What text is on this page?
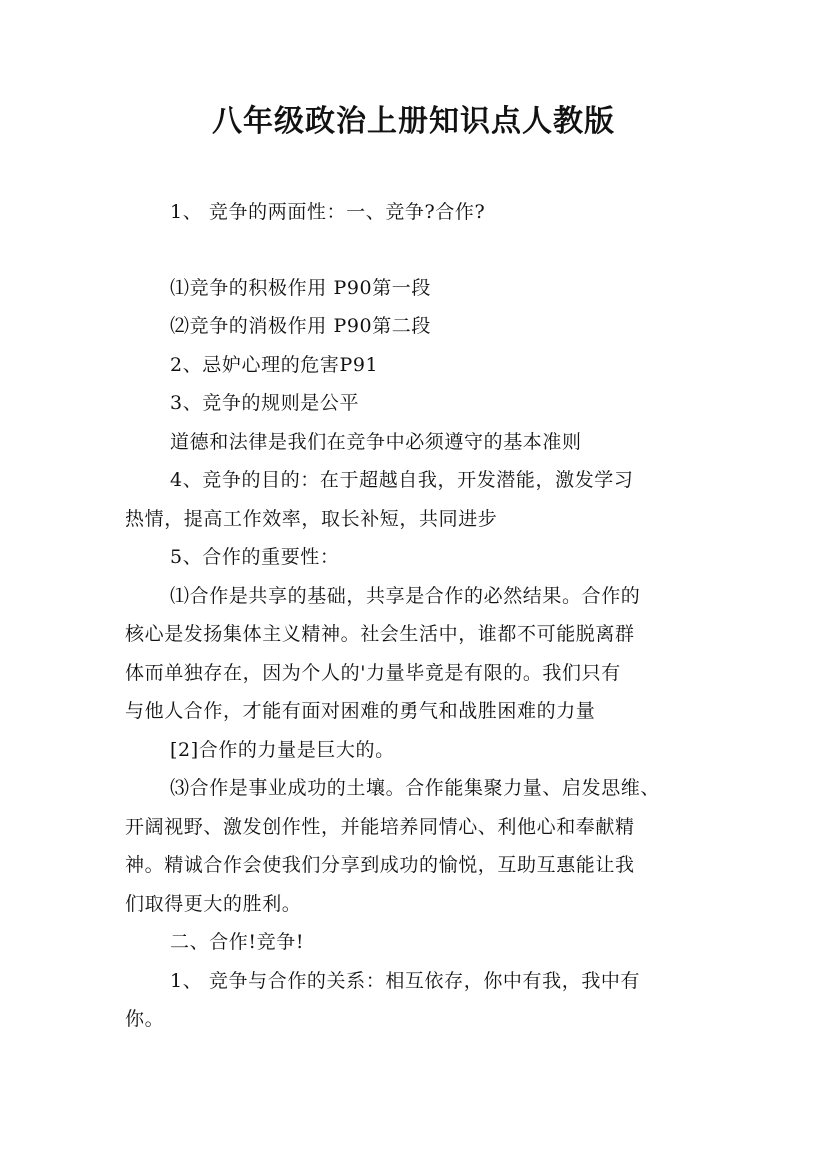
八年级政治上册知识点人教版
1、 竞争的两面性：一、竞争?合作?
⑴竞争的积极作用 P90第一段
⑵竞争的消极作用 P90第二段
2、忌妒心理的危害P91
3、竞争的规则是公平
道德和法律是我们在竞争中必须遵守的基本准则
4、竞争的目的：在于超越自我，开发潜能，激发学习
热情，提高工作效率，取长补短，共同进步
5、合作的重要性：
⑴合作是共享的基础，共享是合作的必然结果。合作的
核心是发扬集体主义精神。社会生活中，谁都不可能脱离群
体而单独存在，因为个人的'力量毕竟是有限的。我们只有
与他人合作，才能有面对困难的勇气和战胜困难的力量
[2]合作的力量是巨大的。
⑶合作是事业成功的土壤。合作能集聚力量、启发思维、
开阔视野、激发创作性，并能培养同情心、利他心和奉献精
神。精诚合作会使我们分享到成功的愉悦，互助互惠能让我
们取得更大的胜利。
二、合作!竞争!
1、 竞争与合作的关系：相互依存，你中有我，我中有
你。
